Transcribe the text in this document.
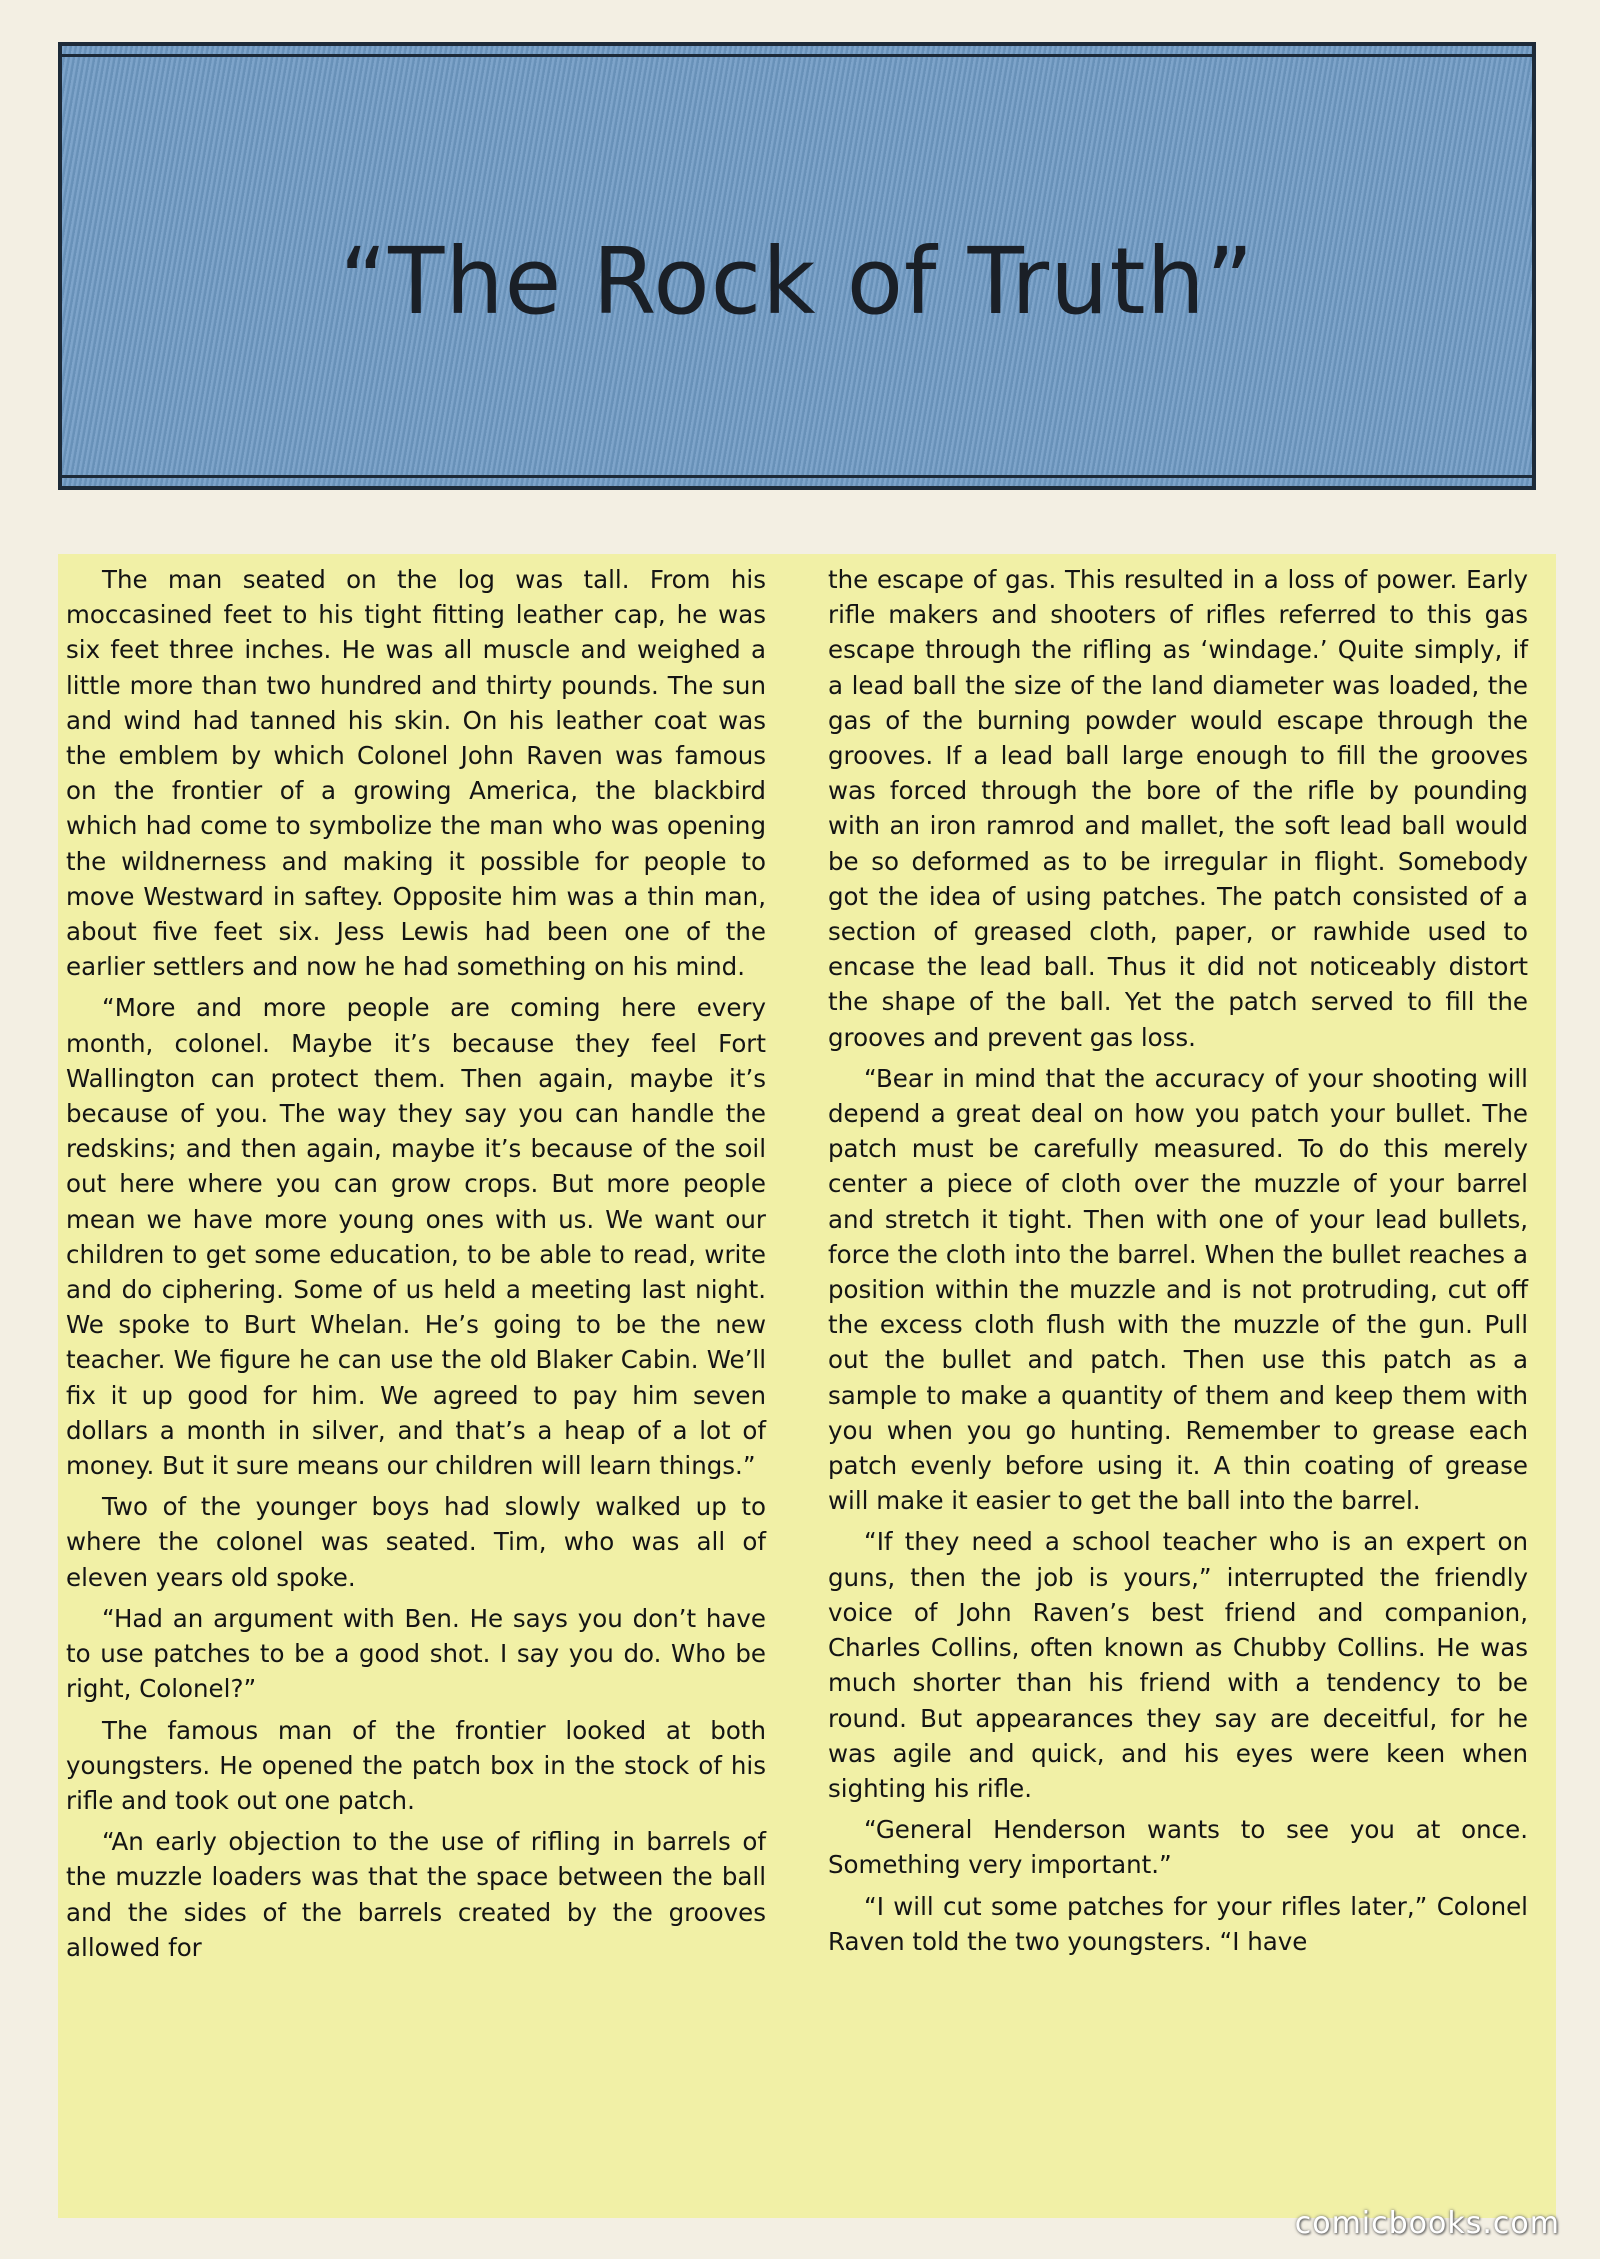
“The Rock of Truth”

The man seated on the log was tall. From his moccasined feet to his tight fitting leather cap, he was six feet three inches. He was all muscle and weighed a little more than two hundred and thirty pounds. The sun and wind had tanned his skin. On his leather coat was the emblem by which Colonel John Raven was famous on the frontier of a growing America, the blackbird which had come to symbolize the man who was opening the wildnerness and making it possible for people to move Westward in saftey. Opposite him was a thin man, about five feet six. Jess Lewis had been one of the earlier settlers and now he had something on his mind.

“More and more people are coming here every month, colonel. Maybe it’s because they feel Fort Wallington can protect them. Then again, maybe it’s because of you. The way they say you can handle the redskins; and then again, maybe it’s because of the soil out here where you can grow crops. But more people mean we have more young ones with us. We want our children to get some education, to be able to read, write and do ciphering. Some of us held a meeting last night. We spoke to Burt Whelan. He’s going to be the new teacher. We figure he can use the old Blaker Cabin. We’ll fix it up good for him. We agreed to pay him seven dollars a month in silver, and that’s a heap of a lot of money. But it sure means our children will learn things.”

Two of the younger boys had slowly walked up to where the colonel was seated. Tim, who was all of eleven years old spoke.

“Had an argument with Ben. He says you don’t have to use patches to be a good shot. I say you do. Who be right, Colonel?”

The famous man of the frontier looked at both youngsters. He opened the patch box in the stock of his rifle and took out one patch.

“An early objection to the use of rifling in barrels of the muzzle loaders was that the space between the ball and the sides of the barrels created by the grooves allowed for

the escape of gas. This resulted in a loss of power. Early rifle makers and shooters of rifles referred to this gas escape through the rifling as ‘windage.’ Quite simply, if a lead ball the size of the land diameter was loaded, the gas of the burning powder would escape through the grooves. If a lead ball large enough to fill the grooves was forced through the bore of the rifle by pounding with an iron ramrod and mallet, the soft lead ball would be so deformed as to be irregular in flight. Somebody got the idea of using patches. The patch consisted of a section of greased cloth, paper, or rawhide used to encase the lead ball. Thus it did not noticeably distort the shape of the ball. Yet the patch served to fill the grooves and prevent gas loss.

“Bear in mind that the accuracy of your shooting will depend a great deal on how you patch your bullet. The patch must be carefully measured. To do this merely center a piece of cloth over the muzzle of your barrel and stretch it tight. Then with one of your lead bullets, force the cloth into the barrel. When the bullet reaches a position within the muzzle and is not protruding, cut off the excess cloth flush with the muzzle of the gun. Pull out the bullet and patch. Then use this patch as a sample to make a quantity of them and keep them with you when you go hunting. Remember to grease each patch evenly before using it. A thin coating of grease will make it easier to get the ball into the barrel.

“If they need a school teacher who is an expert on guns, then the job is yours,” interrupted the friendly voice of John Raven’s best friend and companion, Charles Collins, often known as Chubby Collins. He was much shorter than his friend with a tendency to be round. But appearances they say are deceitful, for he was agile and quick, and his eyes were keen when sighting his rifle.

“General Henderson wants to see you at once. Something very important.”

“I will cut some patches for your rifles later,” Colonel Raven told the two youngsters. “I have

comicbooks.com
